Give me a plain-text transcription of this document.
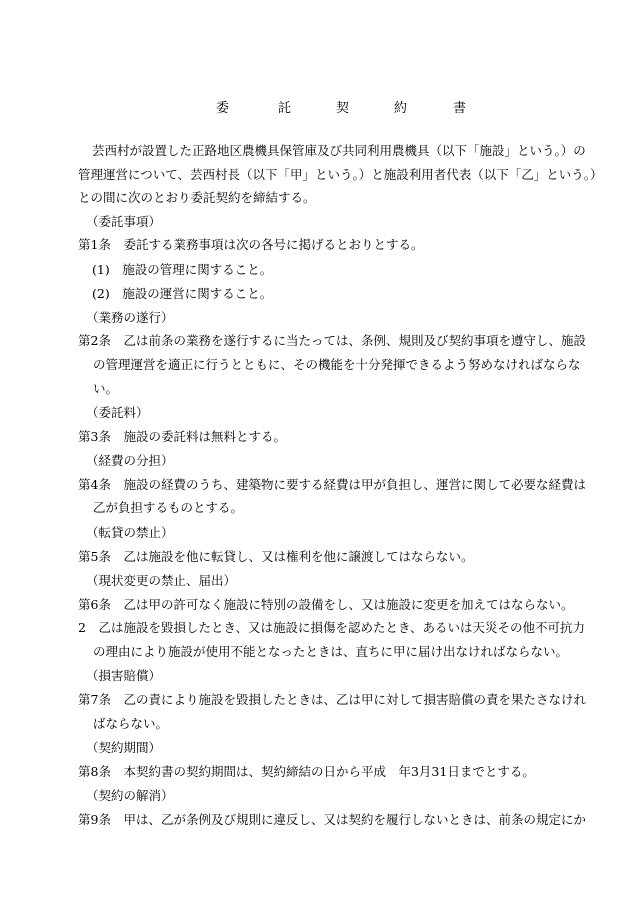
委	託	契	約	書
芸西村が設置した正路地区農機具保管庫及び共同利用農機具（以下「施設」という。）の
管理運営について、芸西村長（以下「甲」という。）と施設利用者代表（以下「乙」という。）
との間に次のとおり委託契約を締結する。
（委託事項）
第1条　委託する業務事項は次の各号に掲げるとおりとする。
(1)　施設の管理に関すること。
(2)　施設の運営に関すること。
（業務の遂行）
第2条　乙は前条の業務を遂行するに当たっては、条例、規則及び契約事項を遵守し、施設
の管理運営を適正に行うとともに、その機能を十分発揮できるよう努めなければならな
い。
（委託料）
第3条　施設の委託料は無料とする。
（経費の分担）
第4条　施設の経費のうち、建築物に要する経費は甲が負担し、運営に関して必要な経費は
乙が負担するものとする。
（転貸の禁止）
第5条　乙は施設を他に転貸し、又は権利を他に譲渡してはならない。
（現状変更の禁止、届出）
第6条　乙は甲の許可なく施設に特別の設備をし、又は施設に変更を加えてはならない。
2　乙は施設を毀損したとき、又は施設に損傷を認めたとき、あるいは天災その他不可抗力
の理由により施設が使用不能となったときは、直ちに甲に届け出なければならない。
（損害賠償）
第7条　乙の責により施設を毀損したときは、乙は甲に対して損害賠償の責を果たさなけれ
ばならない。
（契約期間）
第8条　本契約書の契約期間は、契約締結の日から平成　年3月31日までとする。
（契約の解消）
第9条　甲は、乙が条例及び規則に違反し、又は契約を履行しないときは、前条の規定にか
